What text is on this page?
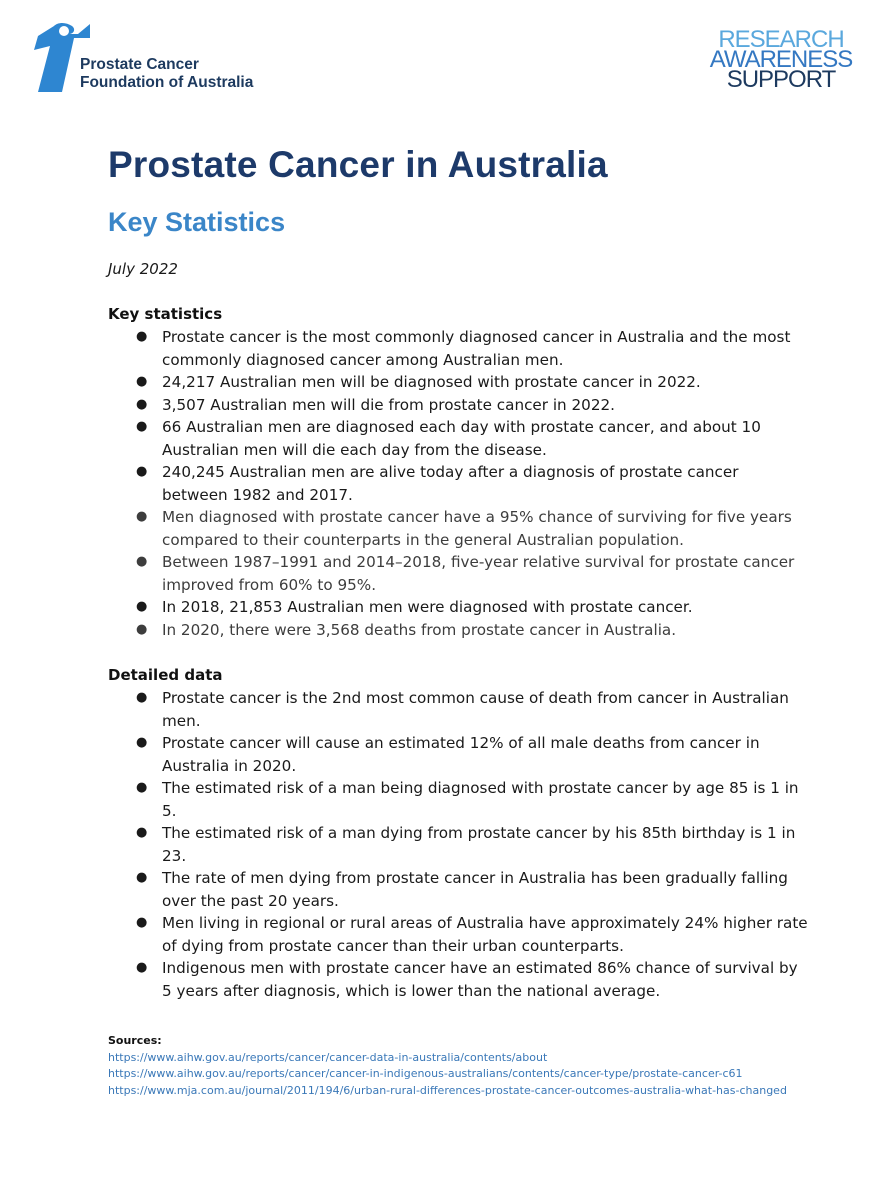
Prostate Cancer
Foundation of Australia
RESEARCH
AWARENESS
SUPPORT
Prostate Cancer in Australia
Key Statistics
July 2022
Key statistics
● Prostate cancer is the most commonly diagnosed cancer in Australia and the most commonly diagnosed cancer among Australian men.
● 24,217 Australian men will be diagnosed with prostate cancer in 2022.
● 3,507 Australian men will die from prostate cancer in 2022.
● 66 Australian men are diagnosed each day with prostate cancer, and about 10 Australian men will die each day from the disease.
● 240,245 Australian men are alive today after a diagnosis of prostate cancer between 1982 and 2017.
● Men diagnosed with prostate cancer have a 95% chance of surviving for five years compared to their counterparts in the general Australian population.
● Between 1987–1991 and 2014–2018, five-year relative survival for prostate cancer improved from 60% to 95%.
● In 2018, 21,853 Australian men were diagnosed with prostate cancer.
● In 2020, there were 3,568 deaths from prostate cancer in Australia.
Detailed data
● Prostate cancer is the 2nd most common cause of death from cancer in Australian men.
● Prostate cancer will cause an estimated 12% of all male deaths from cancer in Australia in 2020.
● The estimated risk of a man being diagnosed with prostate cancer by age 85 is 1 in 5.
● The estimated risk of a man dying from prostate cancer by his 85th birthday is 1 in 23.
● The rate of men dying from prostate cancer in Australia has been gradually falling over the past 20 years.
● Men living in regional or rural areas of Australia have approximately 24% higher rate of dying from prostate cancer than their urban counterparts.
● Indigenous men with prostate cancer have an estimated 86% chance of survival by 5 years after diagnosis, which is lower than the national average.
Sources:
https://www.aihw.gov.au/reports/cancer/cancer-data-in-australia/contents/about
https://www.aihw.gov.au/reports/cancer/cancer-in-indigenous-australians/contents/cancer-type/prostate-cancer-c61
https://www.mja.com.au/journal/2011/194/6/urban-rural-differences-prostate-cancer-outcomes-australia-what-has-changed
